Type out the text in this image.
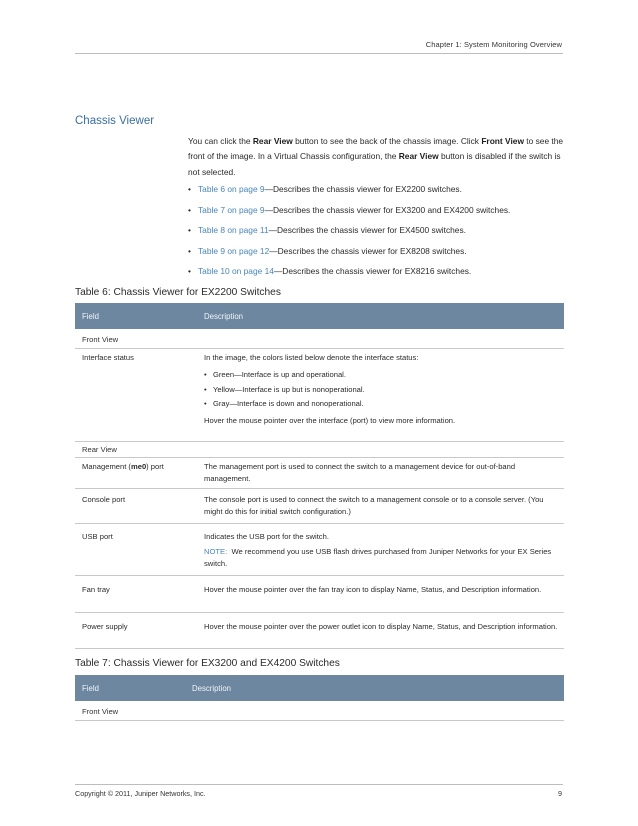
Chapter 1: System Monitoring Overview
Chassis Viewer
You can click the Rear View button to see the back of the chassis image. Click Front View to see the front of the image. In a Virtual Chassis configuration, the Rear View button is disabled if the switch is not selected.
• Table 6 on page 9—Describes the chassis viewer for EX2200 switches.
• Table 7 on page 9—Describes the chassis viewer for EX3200 and EX4200 switches.
• Table 8 on page 11—Describes the chassis viewer for EX4500 switches.
• Table 9 on page 12—Describes the chassis viewer for EX8208 switches.
• Table 10 on page 14—Describes the chassis viewer for EX8216 switches.
Table 6: Chassis Viewer for EX2200 Switches
Field	Description
Front View
Interface status	In the image, the colors listed below denote the interface status:
• Green—Interface is up and operational.
• Yellow—Interface is up but is nonoperational.
• Gray—Interface is down and nonoperational.
Hover the mouse pointer over the interface (port) to view more information.
Rear View
Management (me0) port	The management port is used to connect the switch to a management device for out-of-band management.
Console port	The console port is used to connect the switch to a management console or to a console server. (You might do this for initial switch configuration.)
USB port	Indicates the USB port for the switch.
NOTE: We recommend you use USB flash drives purchased from Juniper Networks for your EX Series switch.
Fan tray	Hover the mouse pointer over the fan tray icon to display Name, Status, and Description information.
Power supply	Hover the mouse pointer over the power outlet icon to display Name, Status, and Description information.
Table 7: Chassis Viewer for EX3200 and EX4200 Switches
Field	Description
Front View
Copyright © 2011, Juniper Networks, Inc.	9
